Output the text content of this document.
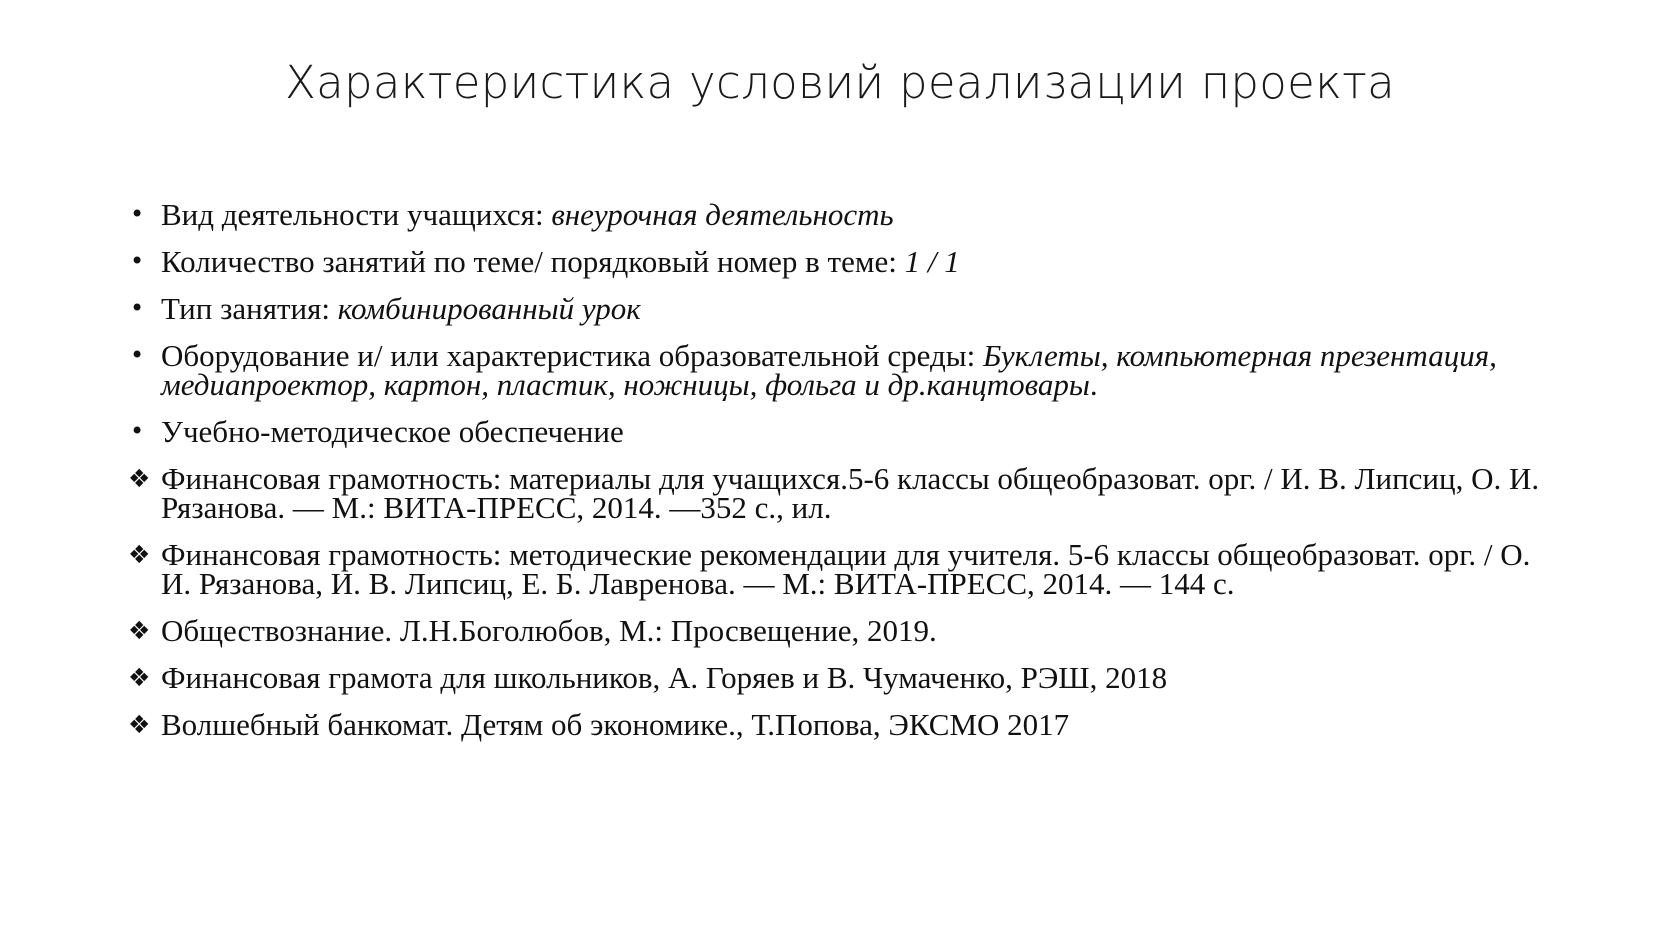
Характеристика условий реализации проекта

• Вид деятельности учащихся: внеурочная деятельность

• Количество занятий по теме/ порядковый номер в теме: 1 / 1

• Тип занятия: комбинированный урок

• Оборудование и/ или характеристика образовательной среды: Буклеты, компьютерная презентация, медиапроектор, картон, пластик, ножницы, фольга и др.канцтовары.

• Учебно-методическое обеспечение

❖ Финансовая грамотность: материалы для учащихся.5-6 классы общеобразоват. орг. / И. В. Липсиц, О. И. Рязанова. — М.: ВИТА-ПРЕСС, 2014. —352 с., ил.

❖ Финансовая грамотность: методические рекомендации для учителя. 5-6 классы общеобразоват. орг. / О. И. Рязанова, И. В. Липсиц, Е. Б. Лавренова. — М.: ВИТА-ПРЕСС, 2014. — 144 с.

❖ Обществознание. Л.Н.Боголюбов, М.: Просвещение, 2019.

❖ Финансовая грамота для школьников, А. Горяев и В. Чумаченко, РЭШ, 2018

❖ Волшебный банкомат. Детям об экономике., Т.Попова, ЭКСМО 2017
